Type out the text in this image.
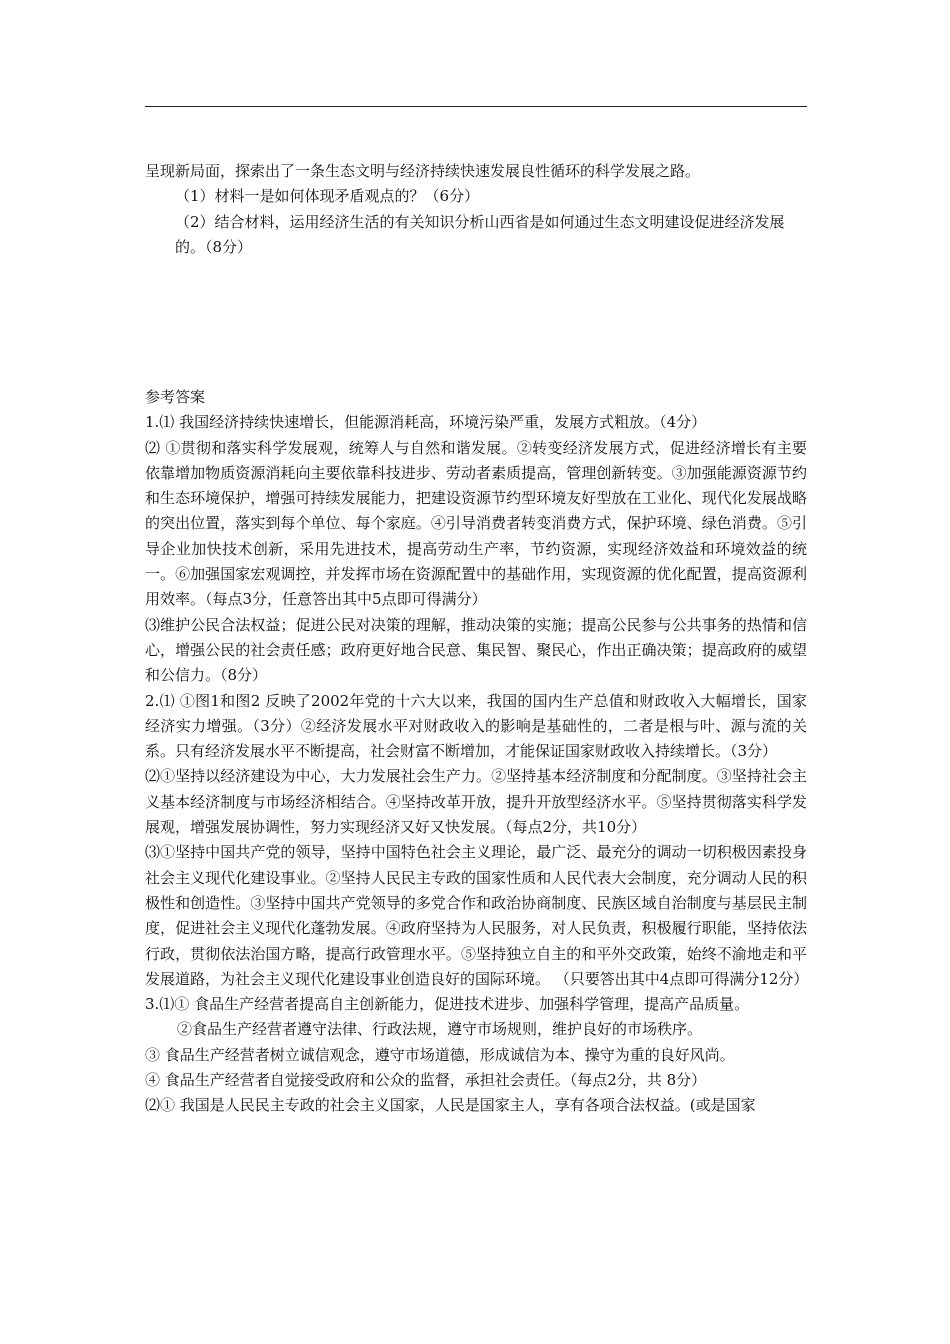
呈现新局面，探索出了一条生态文明与经济持续快速发展良性循环的科学发展之路。

（1）材料一是如何体现矛盾观点的？（6分）

（2）结合材料，运用经济生活的有关知识分析山西省是如何通过生态文明建设促进经济发展的。（8分）

参考答案

1.⑴ 我国经济持续快速增长，但能源消耗高，环境污染严重，发展方式粗放。（4分）

⑵ ①贯彻和落实科学发展观，统筹人与自然和谐发展。②转变经济发展方式，促进经济增长有主要依靠增加物质资源消耗向主要依靠科技进步、劳动者素质提高，管理创新转变。③加强能源资源节约和生态环境保护，增强可持续发展能力，把建设资源节约型环境友好型放在工业化、现代化发展战略的突出位置，落实到每个单位、每个家庭。④引导消费者转变消费方式，保护环境、绿色消费。⑤引导企业加快技术创新，采用先进技术，提高劳动生产率，节约资源，实现经济效益和环境效益的统一。⑥加强国家宏观调控，并发挥市场在资源配置中的基础作用，实现资源的优化配置，提高资源利用效率。（每点3分，任意答出其中5点即可得满分）

⑶维护公民合法权益；促进公民对决策的理解，推动决策的实施；提高公民参与公共事务的热情和信心，增强公民的社会责任感；政府更好地合民意、集民智、聚民心，作出正确决策；提高政府的威望和公信力。（8分）

2.⑴ ①图1和图2 反映了2002年党的十六大以来，我国的国内生产总值和财政收入大幅增长，国家经济实力增强。（3分）②经济发展水平对财政收入的影响是基础性的，二者是根与叶、源与流的关系。只有经济发展水平不断提高，社会财富不断增加，才能保证国家财政收入持续增长。（3分）

⑵①坚持以经济建设为中心，大力发展社会生产力。②坚持基本经济制度和分配制度。③坚持社会主义基本经济制度与市场经济相结合。④坚持改革开放，提升开放型经济水平。⑤坚持贯彻落实科学发展观，增强发展协调性，努力实现经济又好又快发展。（每点2分，共10分）

⑶①坚持中国共产党的领导，坚持中国特色社会主义理论，最广泛、最充分的调动一切积极因素投身社会主义现代化建设事业。②坚持人民民主专政的国家性质和人民代表大会制度，充分调动人民的积极性和创造性。③坚持中国共产党领导的多党合作和政治协商制度、民族区域自治制度与基层民主制度，促进社会主义现代化蓬勃发展。④政府坚持为人民服务，对人民负责，积极履行职能，坚持依法行政，贯彻依法治国方略，提高行政管理水平。⑤坚持独立自主的和平外交政策，始终不渝地走和平发展道路，为社会主义现代化建设事业创造良好的国际环境。 （只要答出其中4点即可得满分12分）

3.⑴① 食品生产经营者提高自主创新能力，促进技术进步、加强科学管理，提高产品质量。

②食品生产经营者遵守法律、行政法规，遵守市场规则，维护良好的市场秩序。

③ 食品生产经营者树立诚信观念，遵守市场道德，形成诚信为本、操守为重的良好风尚。

④ 食品生产经营者自觉接受政府和公众的监督，承担社会责任。（每点2分，共 8分）

⑵① 我国是人民民主专政的社会主义国家，人民是国家主人，享有各项合法权益。(或是国家
